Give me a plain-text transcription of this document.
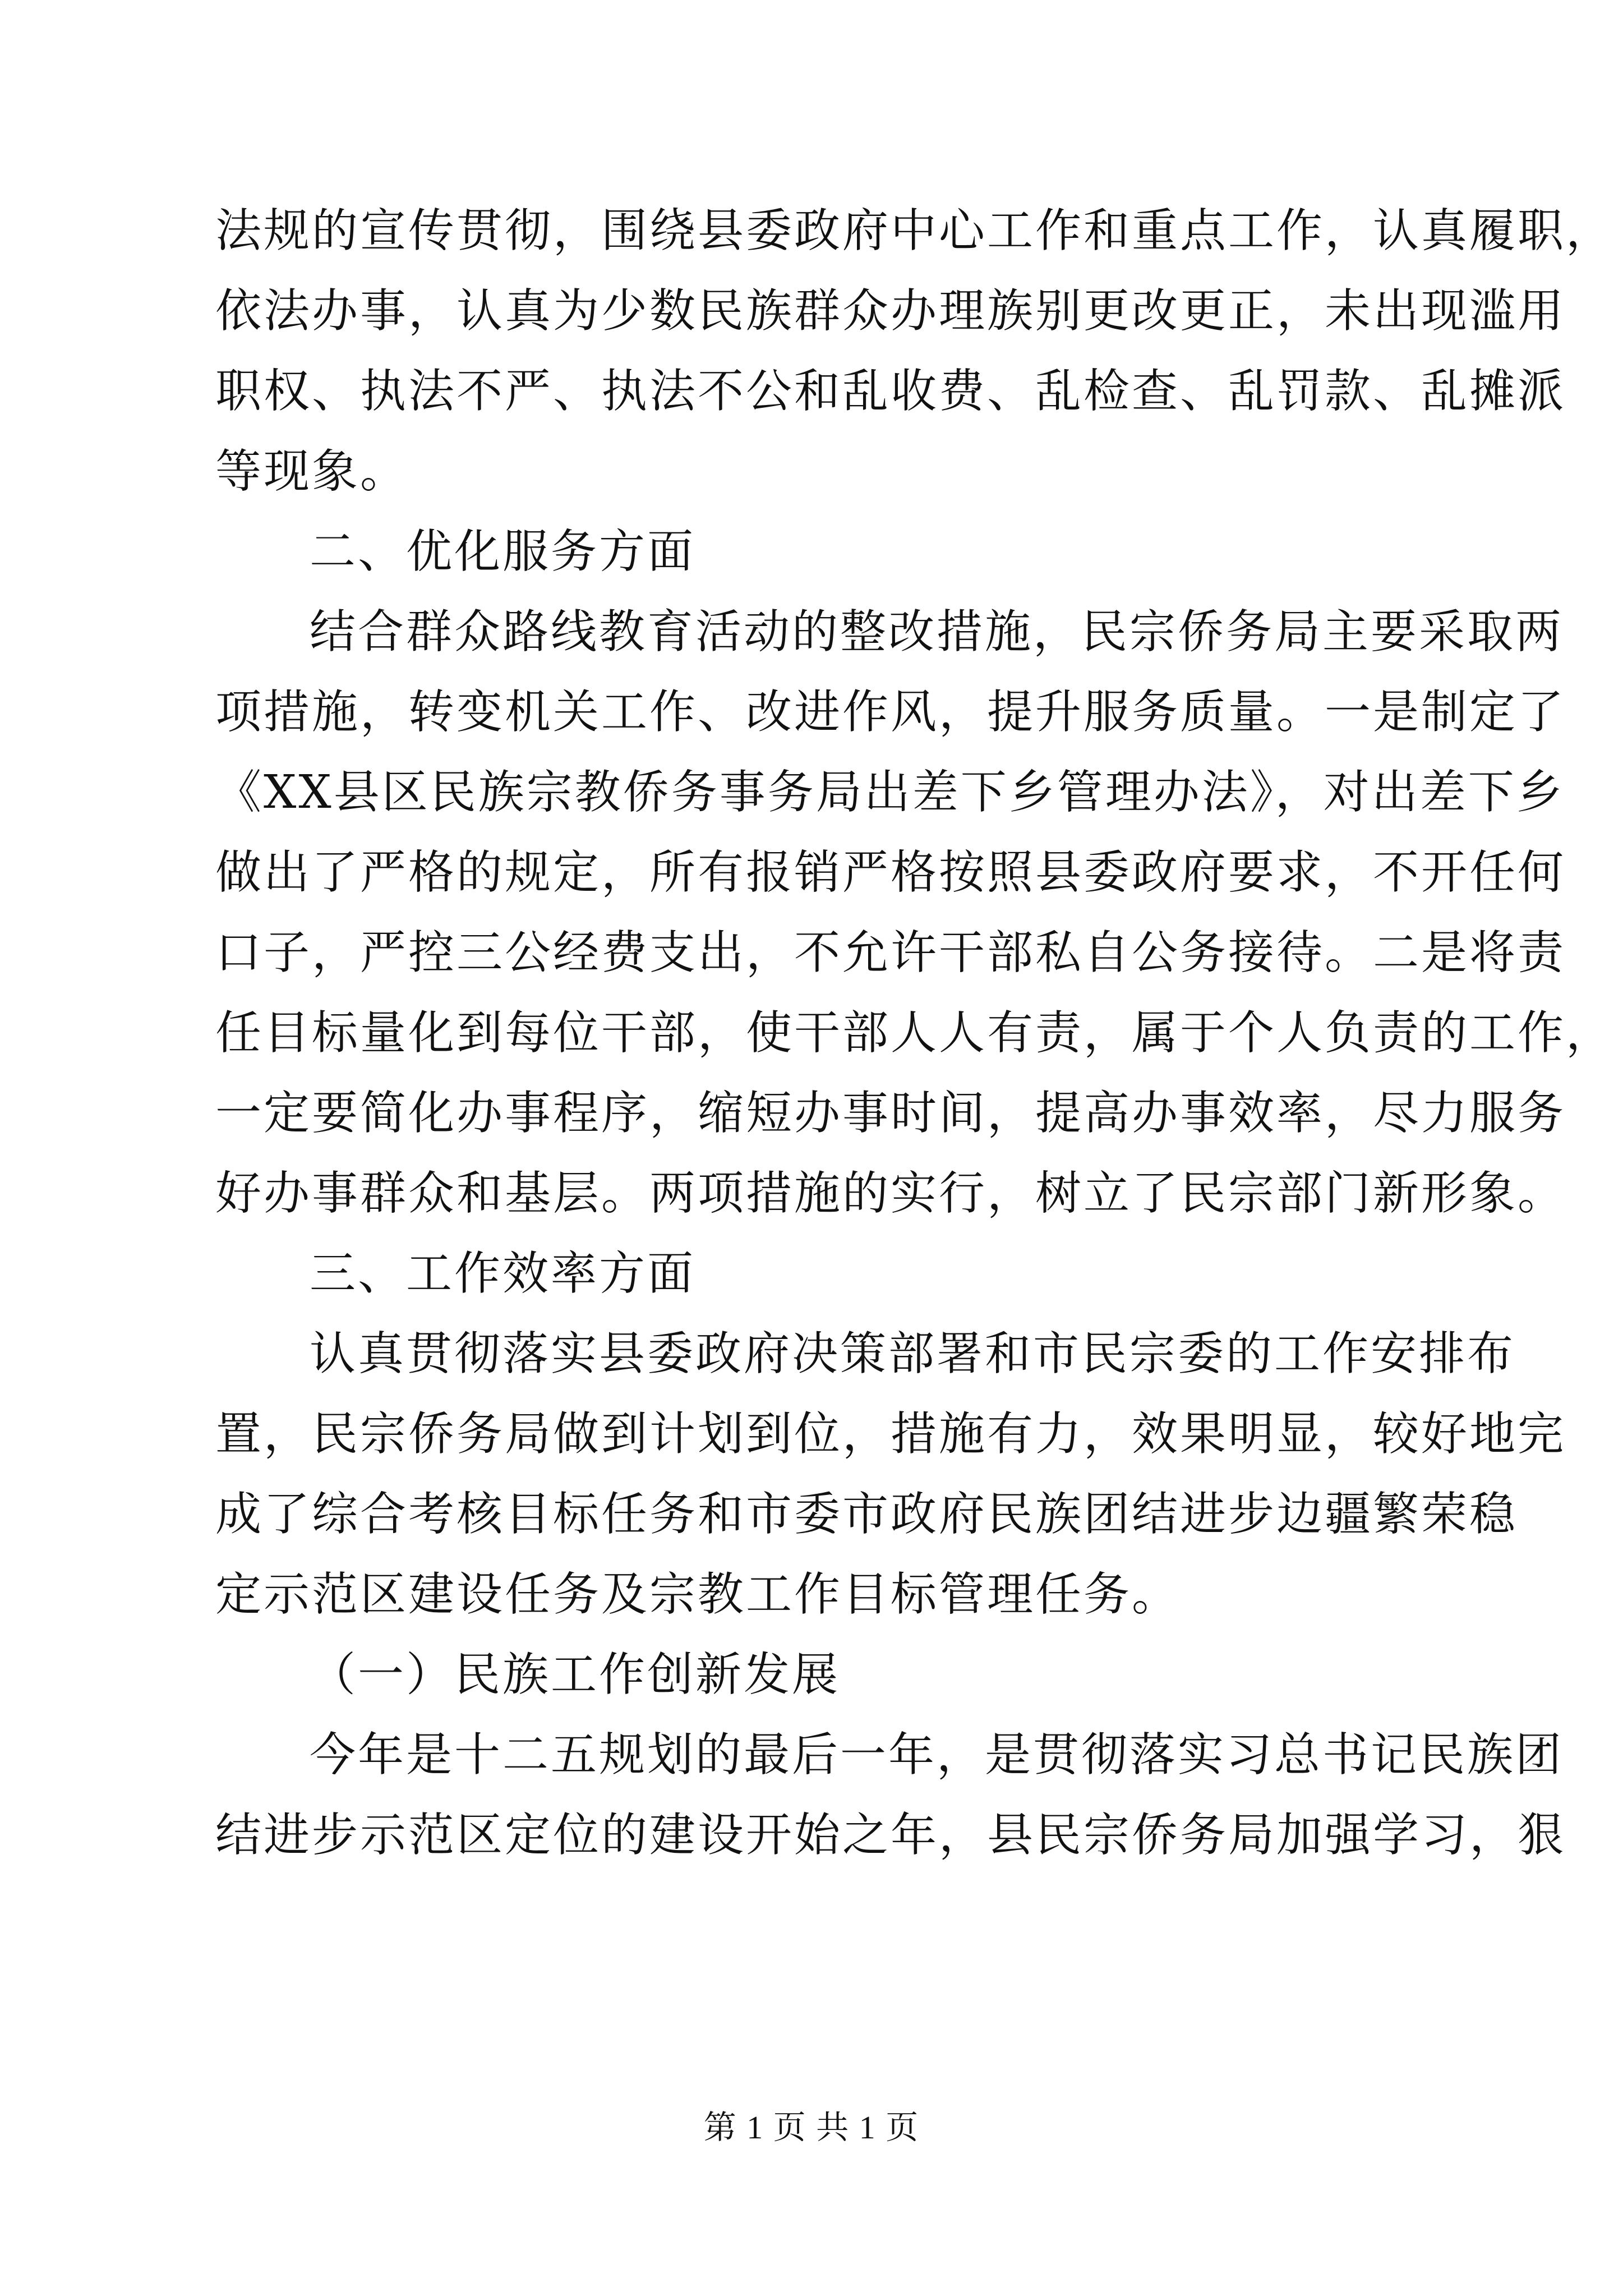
法规的宣传贯彻，围绕县委政府中心工作和重点工作，认真履职，
依法办事，认真为少数民族群众办理族别更改更正，未出现滥用
职权、执法不严、执法不公和乱收费、乱检查、乱罚款、乱摊派
等现象。
二、优化服务方面
结合群众路线教育活动的整改措施，民宗侨务局主要采取两
项措施，转变机关工作、改进作风，提升服务质量。一是制定了
《XX县区民族宗教侨务事务局出差下乡管理办法》，对出差下乡
做出了严格的规定，所有报销严格按照县委政府要求，不开任何
口子，严控三公经费支出，不允许干部私自公务接待。二是将责
任目标量化到每位干部，使干部人人有责，属于个人负责的工作，
一定要简化办事程序，缩短办事时间，提高办事效率，尽力服务
好办事群众和基层。两项措施的实行，树立了民宗部门新形象。
三、工作效率方面
认真贯彻落实县委政府决策部署和市民宗委的工作安排布
置，民宗侨务局做到计划到位，措施有力，效果明显，较好地完
成了综合考核目标任务和市委市政府民族团结进步边疆繁荣稳
定示范区建设任务及宗教工作目标管理任务。
（一）民族工作创新发展
今年是十二五规划的最后一年，是贯彻落实习总书记民族团
结进步示范区定位的建设开始之年，县民宗侨务局加强学习，狠
第 1 页 共 1 页
